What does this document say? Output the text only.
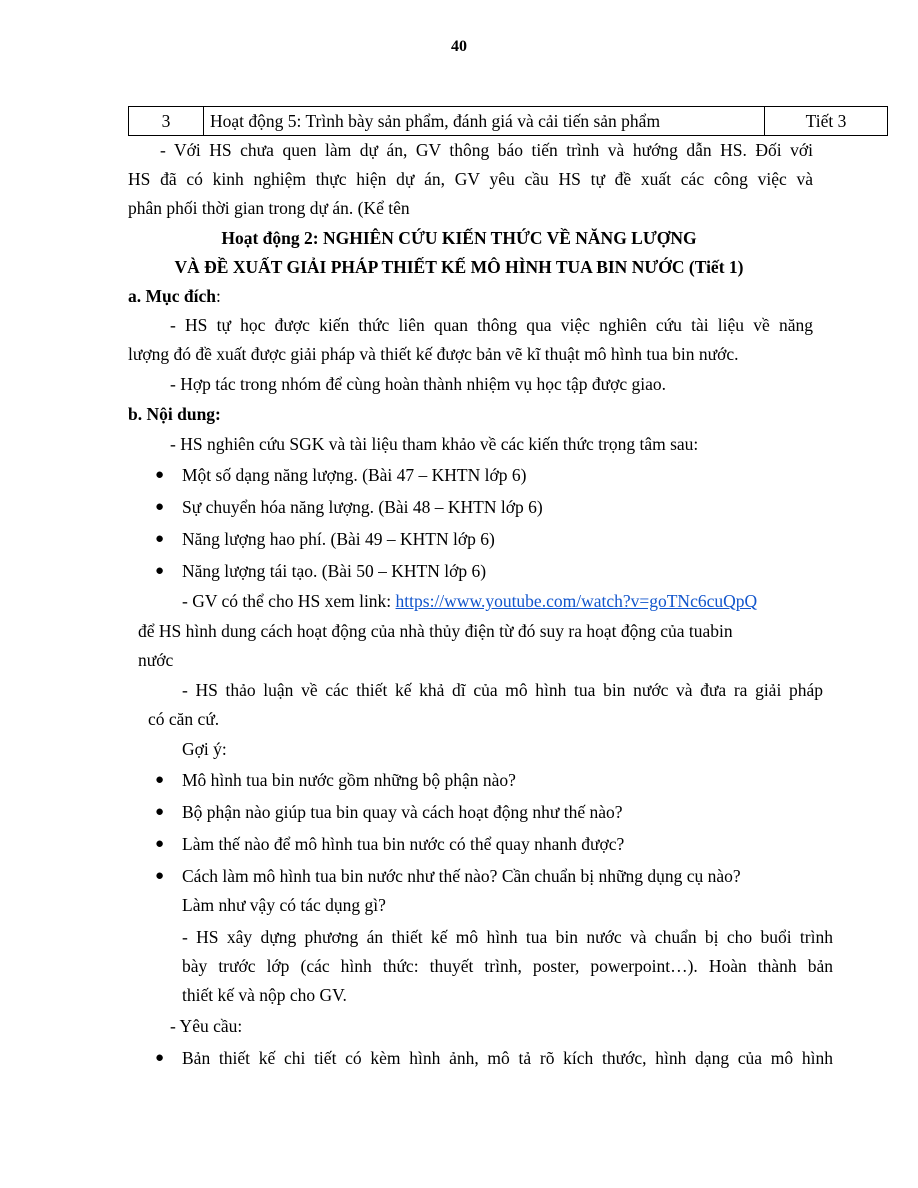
40
3	Hoạt động 5: Trình bày sản phẩm, đánh giá và cải tiến sản phẩm	Tiết 3
- Với HS chưa quen làm dự án, GV thông báo tiến trình và hướng dẫn HS. Đối với
HS đã có kinh nghiệm thực hiện dự án, GV yêu cầu HS tự đề xuất các công việc và
phân phối thời gian trong dự án. (Kể tên
Hoạt động 2: NGHIÊN CỨU KIẾN THỨC VỀ NĂNG LƯỢNG
VÀ ĐỀ XUẤT GIẢI PHÁP THIẾT KẾ MÔ HÌNH TUA BIN NƯỚC (Tiết 1)
a. Mục đích:
- HS tự học được kiến thức liên quan thông qua việc nghiên cứu tài liệu về năng
lượng đó đề xuất được giải pháp và thiết kế được bản vẽ kĩ thuật mô hình tua bin nước.
- Hợp tác trong nhóm để cùng hoàn thành nhiệm vụ học tập được giao.
b. Nội dung:
- HS nghiên cứu SGK và tài liệu tham khảo về các kiến thức trọng tâm sau:
● Một số dạng năng lượng. (Bài 47 – KHTN lớp 6)
● Sự chuyển hóa năng lượng. (Bài 48 – KHTN lớp 6)
● Năng lượng hao phí. (Bài 49 – KHTN lớp 6)
● Năng lượng tái tạo. (Bài 50 – KHTN lớp 6)
- GV có thể cho HS xem link: https://www.youtube.com/watch?v=goTNc6cuQpQ
để HS hình dung cách hoạt động của nhà thủy điện từ đó suy ra hoạt động của tuabin
nước
- HS thảo luận về các thiết kế khả dĩ của mô hình tua bin nước và đưa ra giải pháp
có căn cứ.
Gợi ý:
● Mô hình tua bin nước gồm những bộ phận nào?
● Bộ phận nào giúp tua bin quay và cách hoạt động như thế nào?
● Làm thế nào để mô hình tua bin nước có thể quay nhanh được?
● Cách làm mô hình tua bin nước như thế nào? Cần chuẩn bị những dụng cụ nào?
Làm như vậy có tác dụng gì?
- HS xây dựng phương án thiết kế mô hình tua bin nước và chuẩn bị cho buổi trình
bày trước lớp (các hình thức: thuyết trình, poster, powerpoint…). Hoàn thành bản
thiết kế và nộp cho GV.
- Yêu cầu:
● Bản thiết kế chi tiết có kèm hình ảnh, mô tả rõ kích thước, hình dạng của mô hình
